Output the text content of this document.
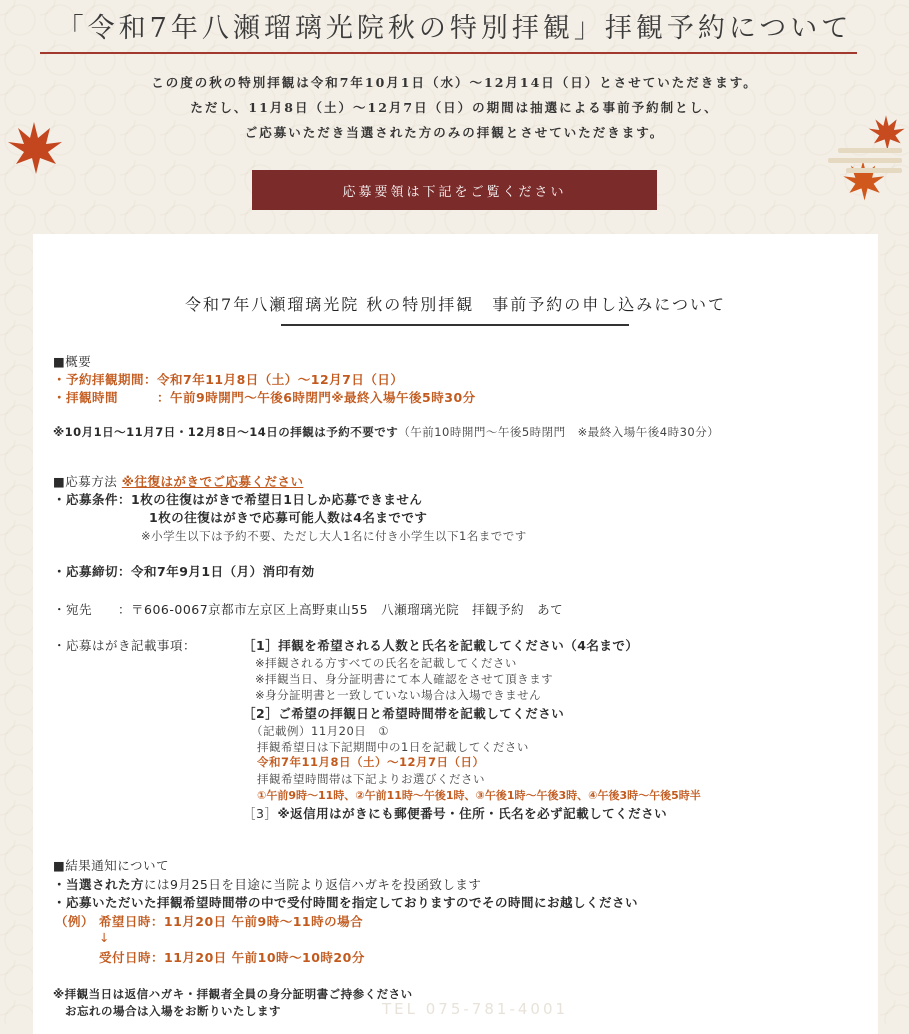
「令和7年八瀬瑠璃光院秋の特別拝観」拝観予約について
この度の秋の特別拝観は令和7年10月1日（水）～12月14日（日）とさせていただきます。
ただし、11月8日（土）～12月7日（日）の期間は抽選による事前予約制とし、
ご応募いただき当選された方のみの拝観とさせていただきます。
応募要領は下記をご覧ください
令和7年八瀬瑠璃光院 秋の特別拝観　事前予約の申し込みについて
■概要
・予約拝観期間：令和7年11月8日（土）～12月7日（日）
・拝観時間　　　：午前9時開門～午後6時閉門※最終入場午後5時30分
※10月1日～11月7日・12月8日～14日の拝観は予約不要です（午前10時開門～午後5時閉門　※最終入場午後4時30分）
■応募方法 ※往復はがきでご応募ください
・応募条件：1枚の往復はがきで希望日1日しか応募できません
1枚の往復はがきで応募可能人数は4名までです
※小学生以下は予約不要、ただし大人1名に付き小学生以下1名までです
・応募締切：令和7年9月1日（月）消印有効
・宛先　　：〒606-0067京都市左京区上高野東山55　八瀬瑠璃光院　拝観予約　あて
・応募はがき記載事項：	［1］拝観を希望される人数と氏名を記載してください（4名まで）
※拝観される方すべての氏名を記載してください
※拝観当日、身分証明書にて本人確認をさせて頂きます
※身分証明書と一致していない場合は入場できません
［2］ご希望の拝観日と希望時間帯を記載してください
（記載例）11月20日　①
拝観希望日は下記期間中の1日を記載してください
令和7年11月8日（土）～12月7日（日）
拝観希望時間帯は下記よりお選びください
①午前9時～11時、②午前11時～午後1時、③午後1時～午後3時、④午後3時～午後5時半
［3］※返信用はがきにも郵便番号・住所・氏名を必ず記載してください
■結果通知について
・当選された方には9月25日を目途に当院より返信ハガキを投函致します
・応募いただいた拝観希望時間帯の中で受付時間を指定しておりますのでその時間にお越しください
（例） 希望日時：11月20日 午前9時～11時の場合
↓
受付日時：11月20日 午前10時～10時20分
※拝観当日は返信ハガキ・拝観者全員の身分証明書ご持参ください
お忘れの場合は入場をお断りいたします	TEL 075-781-4001
